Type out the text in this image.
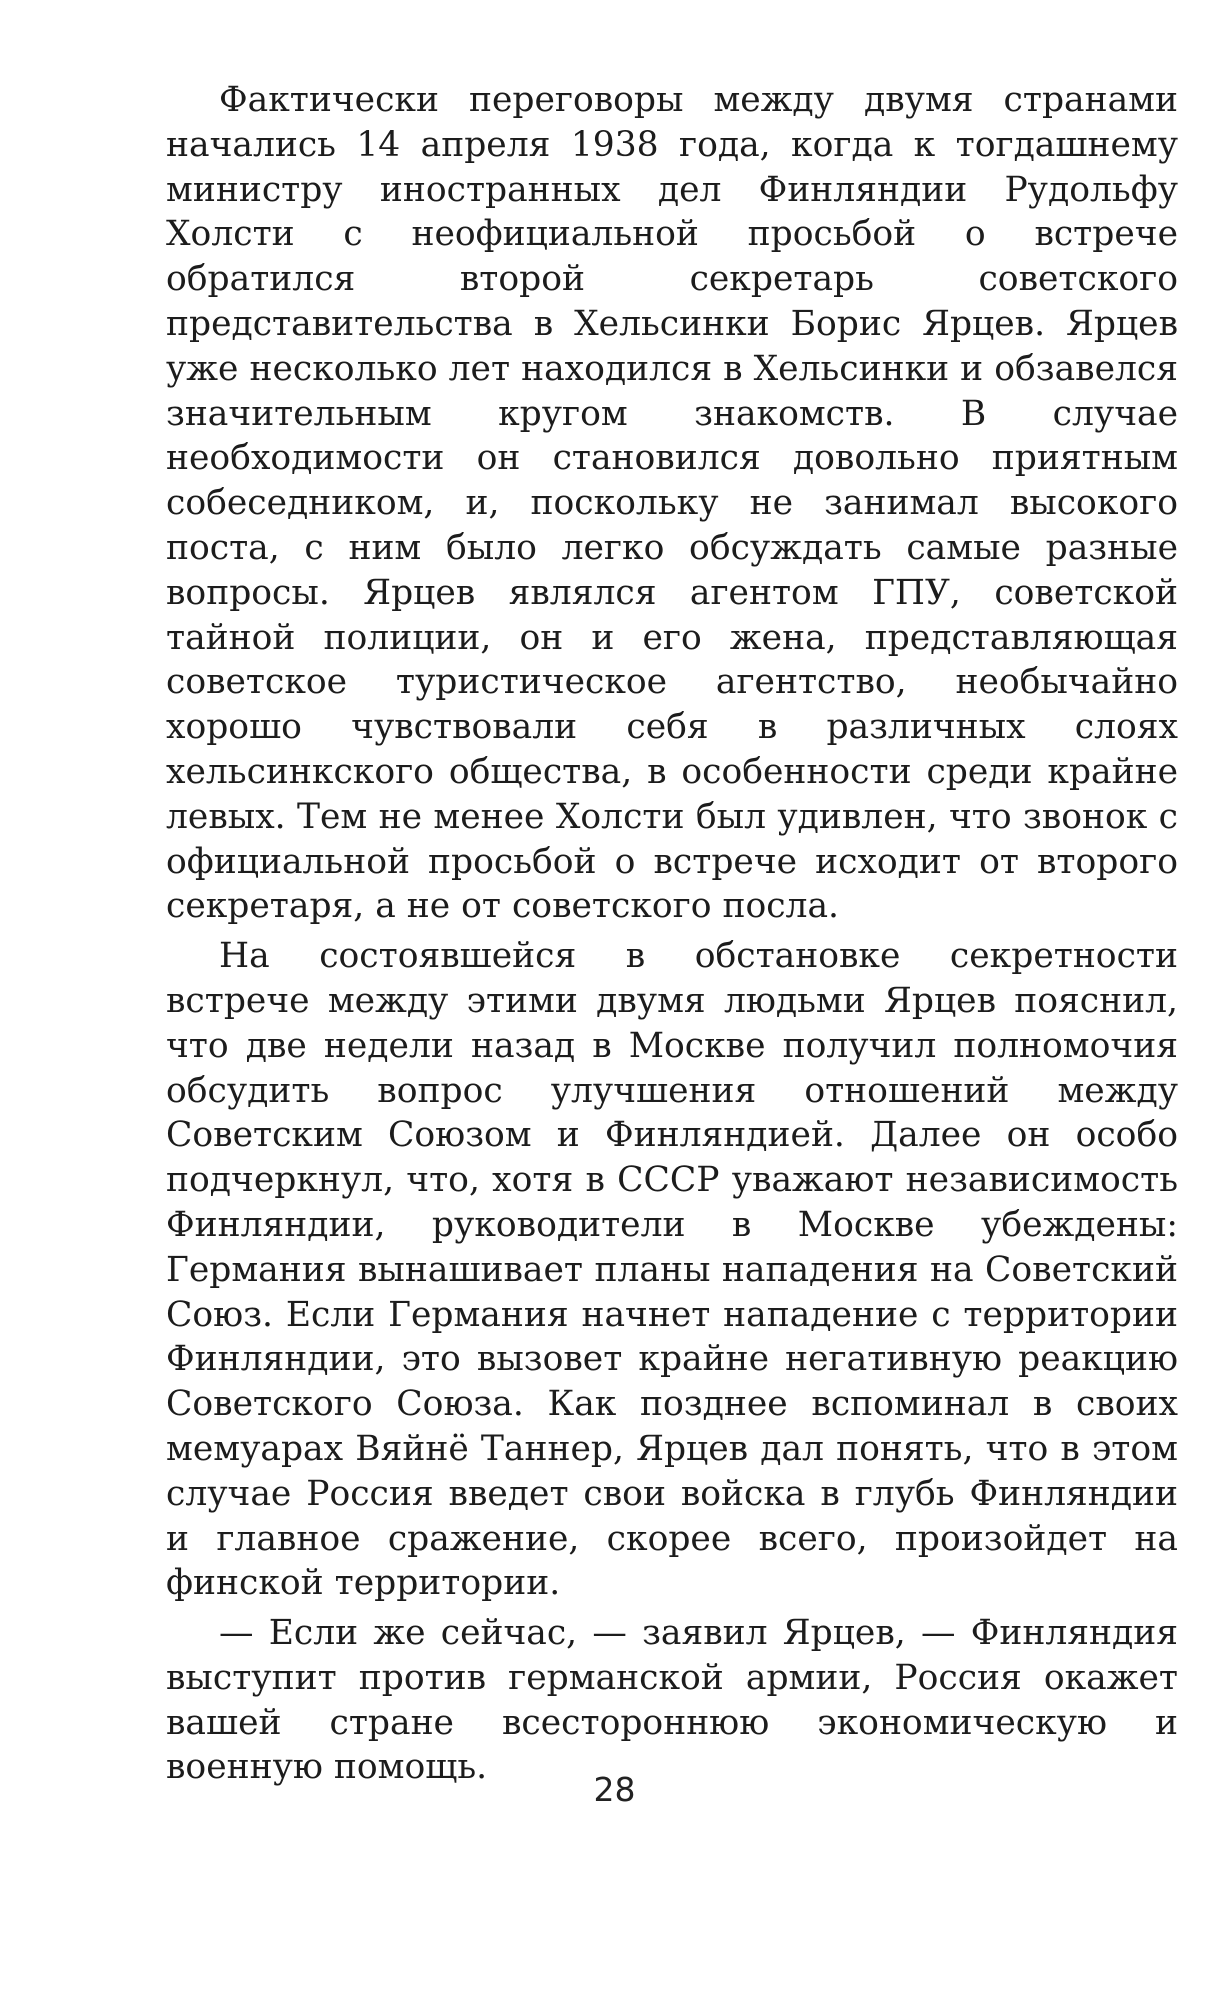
Фактически переговоры между двумя странами начались 14 апреля 1938 года, когда к тогдашнему министру иностранных дел Финляндии Рудольфу Холсти с неофициальной просьбой о встрече обратился второй секретарь советского представительства в Хельсинки Борис Ярцев. Ярцев уже несколько лет находился в Хельсинки и обзавелся значительным кругом знакомств. В случае необходимости он становился довольно приятным собеседником, и, поскольку не занимал высокого поста, с ним было легко обсуждать самые разные вопросы. Ярцев являлся агентом ГПУ, советской тайной полиции, он и его жена, представляющая советское туристическое агентство, необычайно хорошо чувствовали себя в различных слоях хельсинкского общества, в особенности среди крайне левых. Тем не менее Холсти был удивлен, что звонок с официальной просьбой о встрече исходит от второго секретаря, а не от советского посла.

На состоявшейся в обстановке секретности встрече между этими двумя людьми Ярцев пояснил, что две недели назад в Москве получил полномочия обсудить вопрос улучшения отношений между Советским Союзом и Финляндией. Далее он особо подчеркнул, что, хотя в СССР уважают независимость Финляндии, руководители в Москве убеждены: Германия вынашивает планы нападения на Советский Союз. Если Германия начнет нападение с территории Финляндии, это вызовет крайне негативную реакцию Советского Союза. Как позднее вспоминал в своих мемуарах Вяйнё Таннер, Ярцев дал понять, что в этом случае Россия введет свои войска в глубь Финляндии и главное сражение, скорее всего, произойдет на финской территории.

— Если же сейчас, — заявил Ярцев, — Финляндия выступит против германской армии, Россия окажет вашей стране всестороннюю экономическую и военную помощь.

28
